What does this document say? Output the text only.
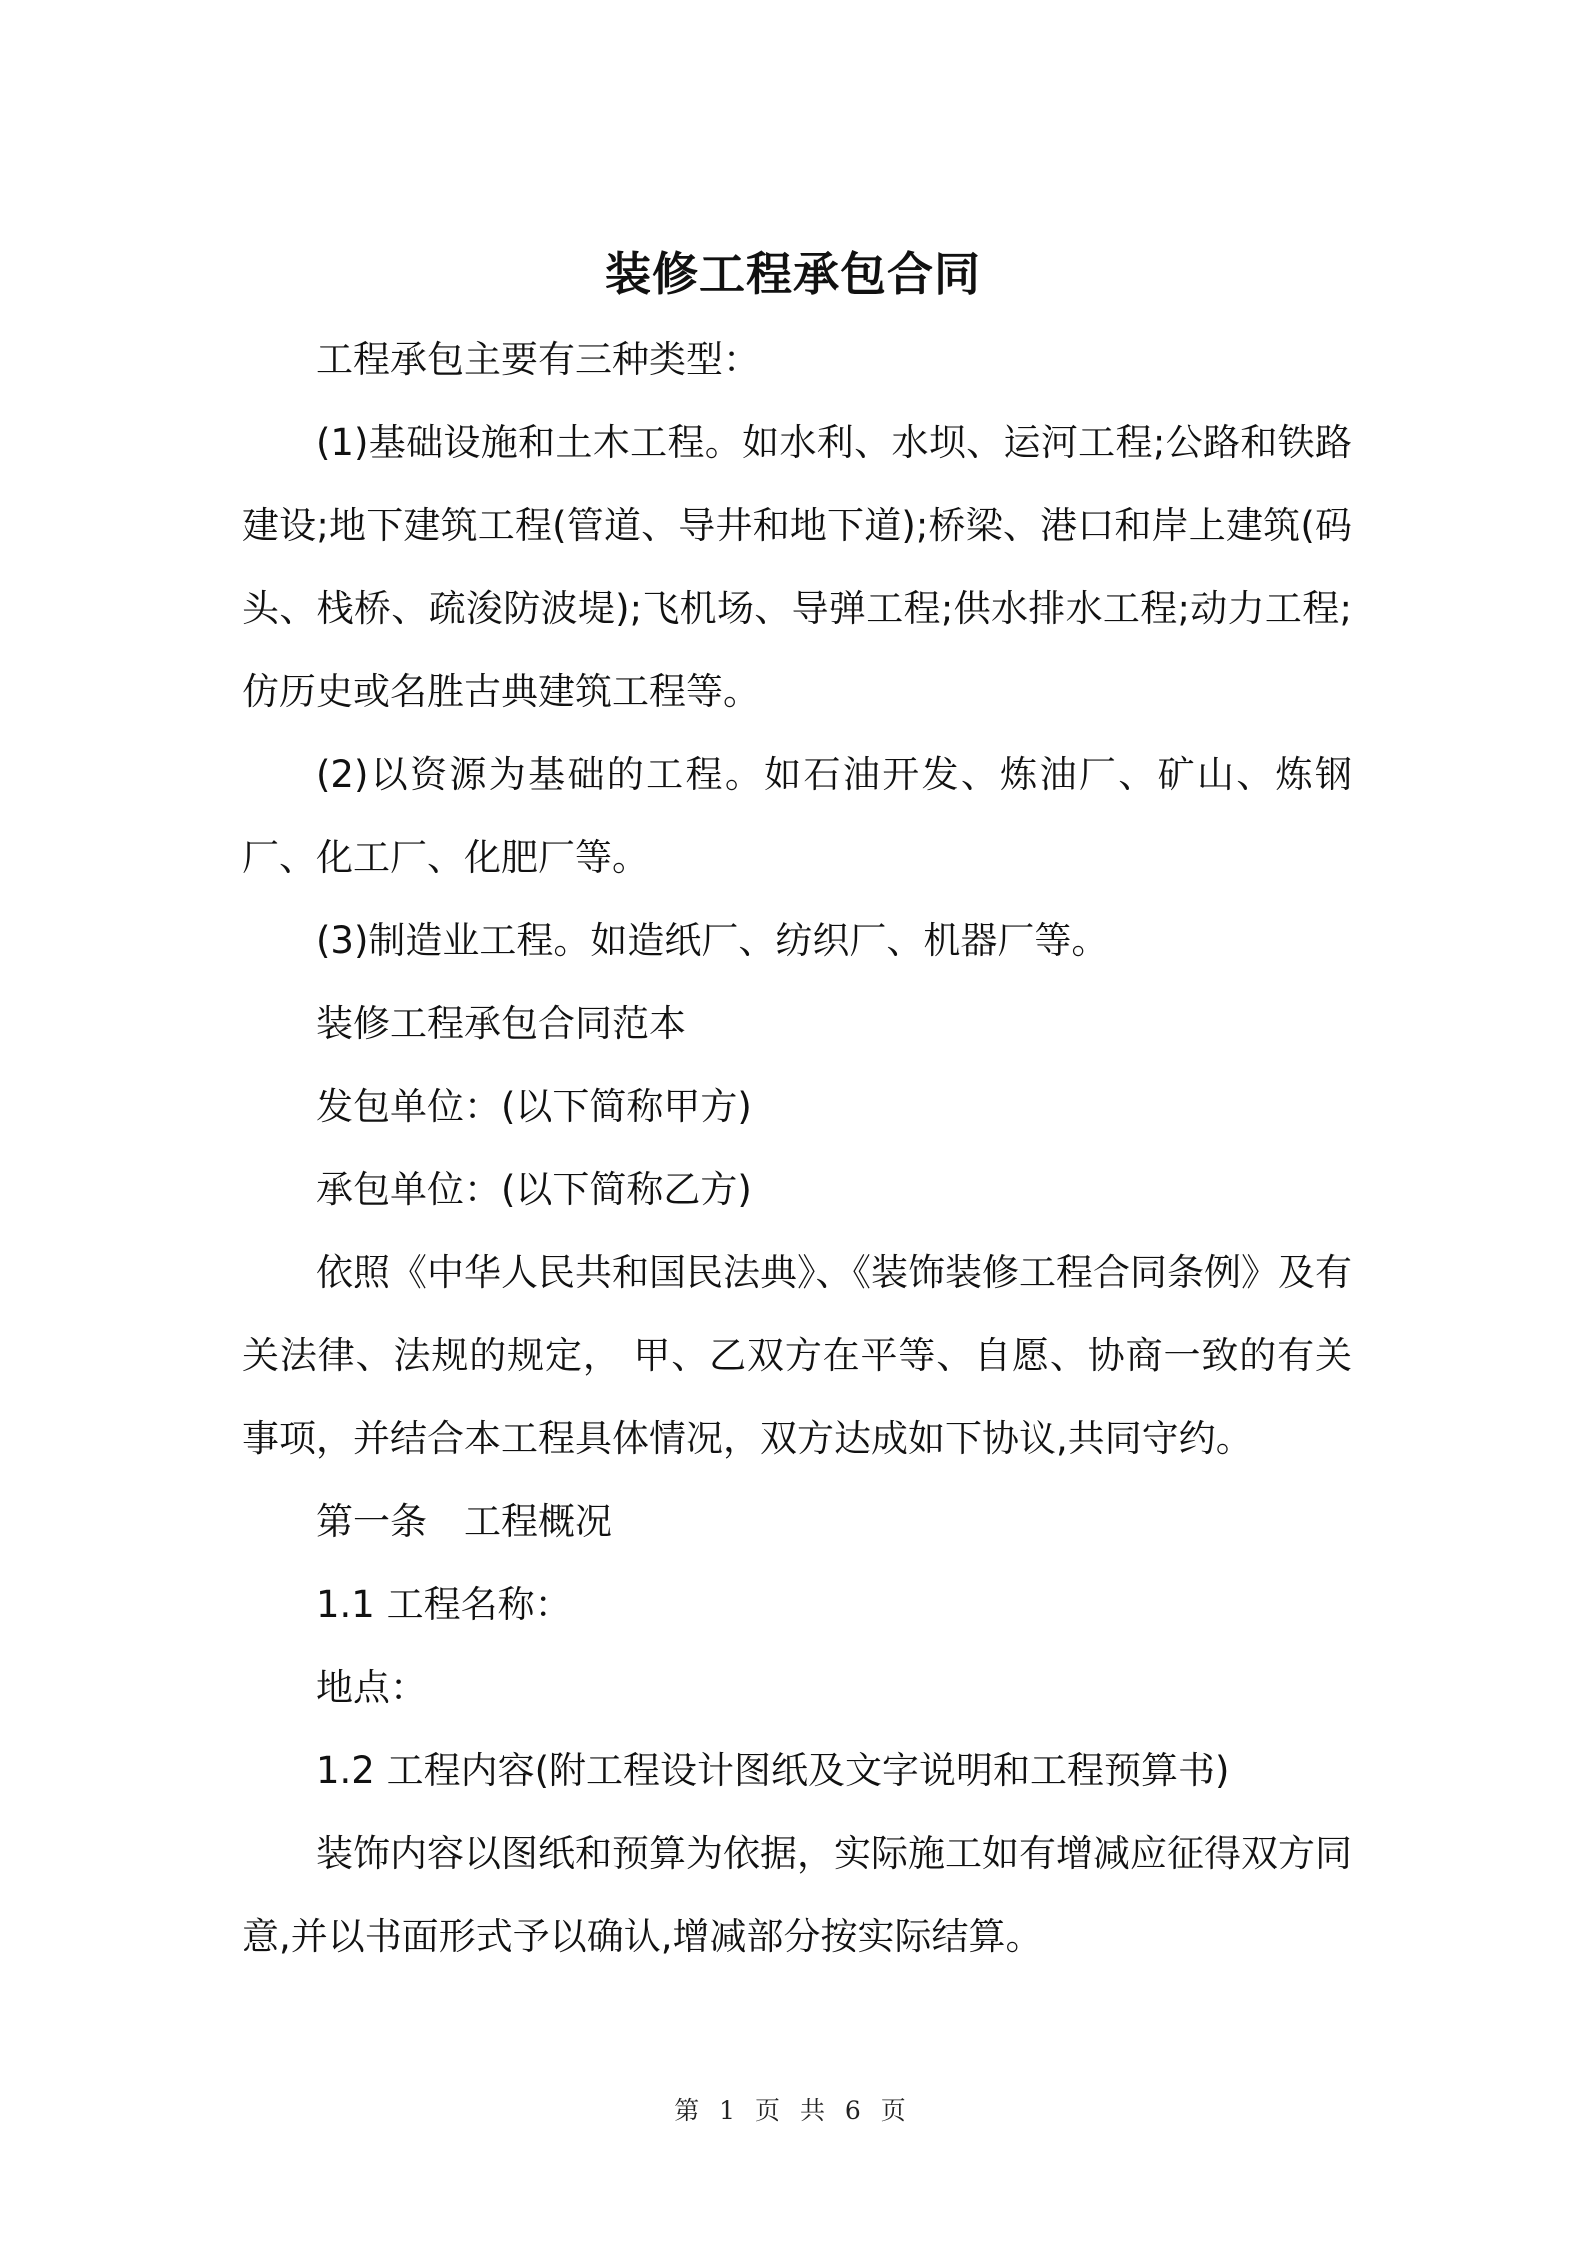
装修工程承包合同

工程承包主要有三种类型：

(1)基础设施和土木工程。如水利、水坝、运河工程;公路和铁路建设;地下建筑工程(管道、导井和地下道);桥梁、港口和岸上建筑(码头、栈桥、疏浚防波堤);飞机场、导弹工程;供水排水工程;动力工程;仿历史或名胜古典建筑工程等。

(2)以资源为基础的工程。如石油开发、炼油厂、矿山、炼钢厂、化工厂、化肥厂等。

(3)制造业工程。如造纸厂、纺织厂、机器厂等。

装修工程承包合同范本

发包单位：(以下简称甲方)

承包单位：(以下简称乙方)

依照《中华人民共和国民法典》、《装饰装修工程合同条例》及有关法律、法规的规定， 甲、乙双方在平等、自愿、协商一致的有关事项，并结合本工程具体情况，双方达成如下协议,共同守约。

第一条　工程概况

1.1 工程名称：

地点：

1.2 工程内容(附工程设计图纸及文字说明和工程预算书)

装饰内容以图纸和预算为依据，实际施工如有增减应征得双方同意,并以书面形式予以确认,增减部分按实际结算。

第 1 页 共 6 页
